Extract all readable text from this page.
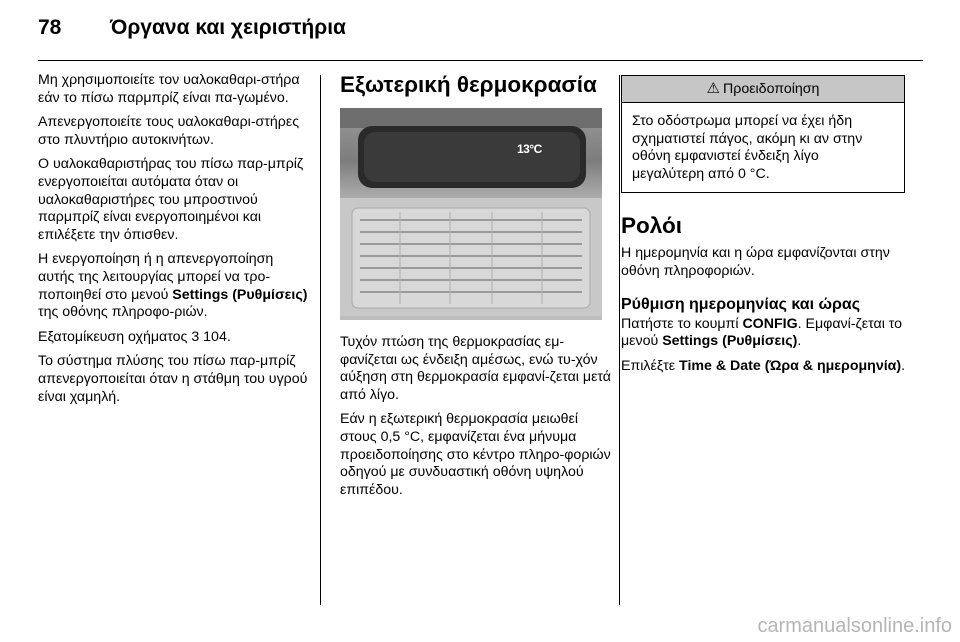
78 Όργανα και χειριστήρια

Μη χρησιμοποιείτε τον υαλοκαθαρι-στήρα εάν το πίσω παρμπρίζ είναι πα-γωμένο.

Απενεργοποιείτε τους υαλοκαθαρι-στήρες στο πλυντήριο αυτοκινήτων.

Ο υαλοκαθαριστήρας του πίσω παρ-μπρίζ ενεργοποιείται αυτόματα όταν οι υαλοκαθαριστήρες του μπροστινού παρμπρίζ είναι ενεργοποιημένοι και επιλέξετε την όπισθεν.

Η ενεργοποίηση ή η απενεργοποίηση αυτής της λειτουργίας μπορεί να τρο-ποποιηθεί στο μενού Settings (Ρυθμίσεις) της οθόνης πληροφο-ριών.

Εξατομίκευση οχήματος 3 104.

Το σύστημα πλύσης του πίσω παρ-μπρίζ απενεργοποιείται όταν η στάθμη του υγρού είναι χαμηλή.

Εξωτερική θερμοκρασία
13°C

Τυχόν πτώση της θερμοκρασίας εμ-φανίζεται ως ένδειξη αμέσως, ενώ τυ-χόν αύξηση στη θερμοκρασία εμφανί-ζεται μετά από λίγο.

Εάν η εξωτερική θερμοκρασία μειωθεί στους 0,5 °C, εμφανίζεται ένα μήνυμα προειδοποίησης στο κέντρο πληρο-φοριών οδηγού με συνδυαστική οθόνη υψηλού επιπέδου.

⚠ Προειδοποίηση

Στο οδόστρωμα μπορεί να έχει ήδη σχηματιστεί πάγος, ακόμη κι αν στην οθόνη εμφανιστεί ένδειξη λίγο μεγαλύτερη από 0 °C.

Ρολόι

Η ημερομηνία και η ώρα εμφανίζονται στην οθόνη πληροφοριών.

Ρύθμιση ημερομηνίας και ώρας

Πατήστε το κουμπί CONFIG. Εμφανί-ζεται το μενού Settings (Ρυθμίσεις).

Επιλέξτε Time & Date (Ώρα & ημερομηνία).

carmanualsonline.info
